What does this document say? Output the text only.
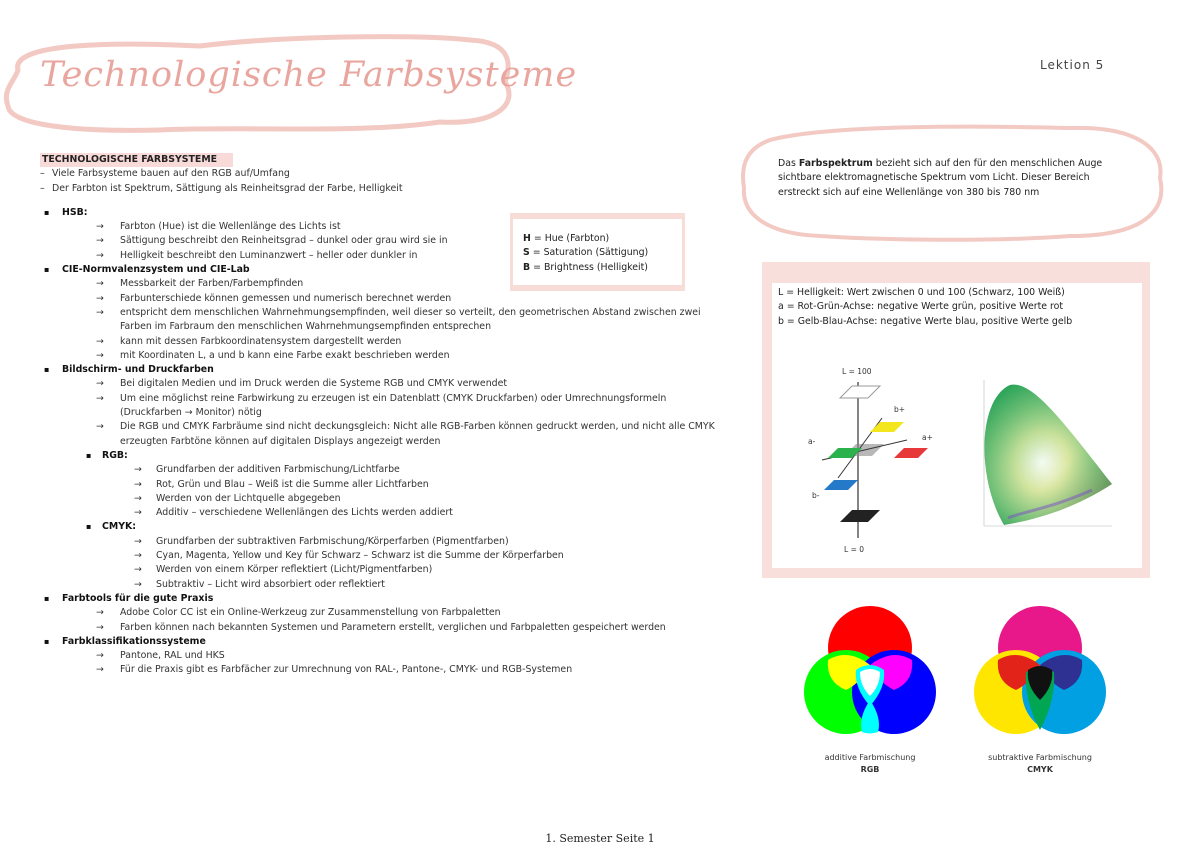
Technologische Farbsysteme	Lektion 5
TECHNOLOGISCHE FARBSYSTEME
– Viele Farbsysteme bauen auf den RGB auf/Umfang
– Der Farbton ist Spektrum, Sättigung als Reinheitsgrad der Farbe, Helligkeit
▪ HSB:
→ Farbton (Hue) ist die Wellenlänge des Lichts ist
→ Sättigung beschreibt den Reinheitsgrad – dunkel oder grau wird sie in
→ Helligkeit beschreibt den Luminanzwert – heller oder dunkler in
▪ CIE-Normvalenzsystem und CIE-Lab
→ Messbarkeit der Farben/Farbempfinden
→ Farbunterschiede können gemessen und numerisch berechnet werden
→ entspricht dem menschlichen Wahrnehmungsempfinden, weil dieser so verteilt, den geometrischen Abstand zwischen zwei Farben im Farbraum den menschlichen Wahrnehmungsempfinden entsprechen
→ kann mit dessen Farbkoordinatensystem dargestellt werden
→ mit Koordinaten L, a und b kann eine Farbe exakt beschrieben werden
▪ Bildschirm- und Druckfarben
→ Bei digitalen Medien und im Druck werden die Systeme RGB und CMYK verwendet
→ Um eine möglichst reine Farbwirkung zu erzeugen ist ein Datenblatt (CMYK Druckfarben) oder Umrechnungsformeln (Druckfarben → Monitor) nötig
→ Die RGB und CMYK Farbräume sind nicht deckungsgleich: Nicht alle RGB-Farben können gedruckt werden, und nicht alle CMYK erzeugten Farbtöne können auf digitalen Displays angezeigt werden
▪ RGB:
→ Grundfarben der additiven Farbmischung/Lichtfarbe
→ Rot, Grün und Blau – Weiß ist die Summe aller Lichtfarben
→ Werden von der Lichtquelle abgegeben
→ Additiv – verschiedene Wellenlängen des Lichts werden addiert
▪ CMYK:
→ Grundfarben der subtraktiven Farbmischung/Körperfarben (Pigmentfarben)
→ Cyan, Magenta, Yellow und Key für Schwarz – Schwarz ist die Summe der Körperfarben
→ Werden von einem Körper reflektiert (Licht/Pigmentfarben)
→ Subtraktiv – Licht wird absorbiert oder reflektiert
▪ Farbtools für die gute Praxis
→ Adobe Color CC ist ein Online-Werkzeug zur Zusammenstellung von Farbpaletten
→ Farben können nach bekannten Systemen und Parametern erstellt, verglichen und Farbpaletten gespeichert werden
▪ Farbklassifikationssysteme
→ Pantone, RAL und HKS
→ Für die Praxis gibt es Farbfächer zur Umrechnung von RAL-, Pantone-, CMYK- und RGB-Systemen
H = Hue (Farbton)
S = Saturation (Sättigung)
B = Brightness (Helligkeit)
Das Farbspektrum bezieht sich auf den für den menschlichen Auge sichtbare elektromagnetische Spektrum vom Licht. Dieser Bereich erstreckt sich auf eine Wellenlänge von 380 bis 780 nm
L = Helligkeit: Wert zwischen 0 und 100 (Schwarz, 100 Weiß)
a = Rot-Grün-Achse: negative Werte grün, positive Werte rot
b = Gelb-Blau-Achse: negative Werte blau, positive Werte gelb
L = 100
L = 0
b+
b-
a+
a-
additive Farbmischung
RGB
subtraktive Farbmischung
CMYK
1. Semester Seite 1
